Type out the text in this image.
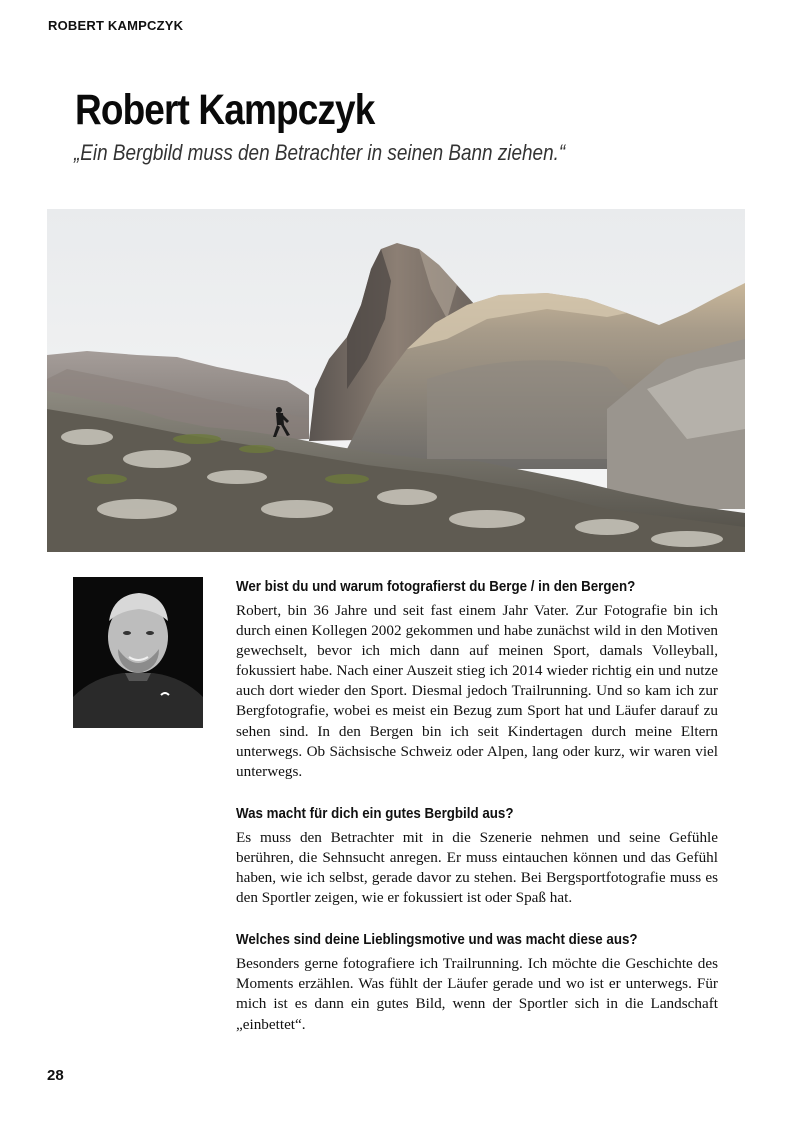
ROBERT KAMPCZYK
Robert Kampczyk
„Ein Bergbild muss den Betrachter in seinen Bann ziehen.“
Wer bist du und warum fotografierst du Berge / in den Bergen?

Robert, bin 36 Jahre und seit fast einem Jahr Vater. Zur Fotografie bin ich durch einen Kollegen 2002 gekommen und habe zunächst wild in den Motiven gewechselt, bevor ich mich dann auf meinen Sport, damals Volleyball, fokussiert habe. Nach einer Auszeit stieg ich 2014 wieder richtig ein und nutze auch dort wieder den Sport. Diesmal jedoch Trailrunning. Und so kam ich zur Bergfotografie, wobei es meist ein Bezug zum Sport hat und Läufer darauf zu sehen sind. In den Bergen bin ich seit Kindertagen durch meine Eltern unterwegs. Ob Sächsische Schweiz oder Alpen, lang oder kurz, wir waren viel unterwegs.

Was macht für dich ein gutes Bergbild aus?

Es muss den Betrachter mit in die Szenerie nehmen und seine Gefühle berühren, die Sehnsucht anregen. Er muss eintauchen können und das Gefühl haben, wie ich selbst, gerade davor zu stehen. Bei Bergsportfotografie muss es den Sportler zeigen, wie er fokussiert ist oder Spaß hat.

Welches sind deine Lieblingsmotive und was macht diese aus?

Besonders gerne fotografiere ich Trailrunning. Ich möchte die Geschichte des Moments erzählen. Was fühlt der Läufer gerade und wo ist er unterwegs. Für mich ist es dann ein gutes Bild, wenn der Sportler sich in die Landschaft „einbettet“.

28
